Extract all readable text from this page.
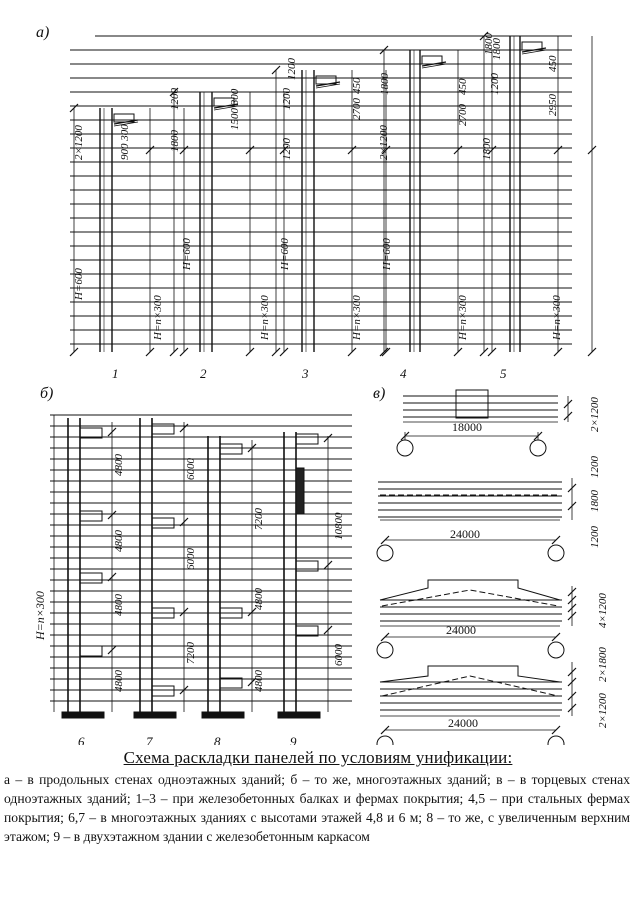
a)
1	2	3	4	5
2×1200	900 300
1200
1800
H=600
H=n×300
1500 300	1200
1200
H=600
H=n×300
1200
2700
450
2×1200
1800
H=600
H=n×300
1800
450
2700
1200
1800
H=600
H=n×300
1800
450
2950
H=n×300
б)
6	7	8	9
H=n×300
4800
4800
4800
4800
6000
6000
7200
7200
4800
4800
10800
6000
в)
18000	2×1200
24000
1200
1800
1200
24000
4×1200
24000
2×1800
2×1200
Схема раскладки панелей по условиям унификации:
а – в продольных стенах одноэтажных зданий; б – то же, многоэтажных зданий; в – в торцевых стенах одноэтажных зданий; 1–3 – при железобетонных балках и фермах покрытия; 4,5 – при стальных фермах покрытия; 6,7 – в многоэтажных зданиях с высотами этажей 4,8 и 6 м; 8 – то же, с увеличенным верхним этажом; 9 – в двухэтажном здании с железобетонным каркасом
